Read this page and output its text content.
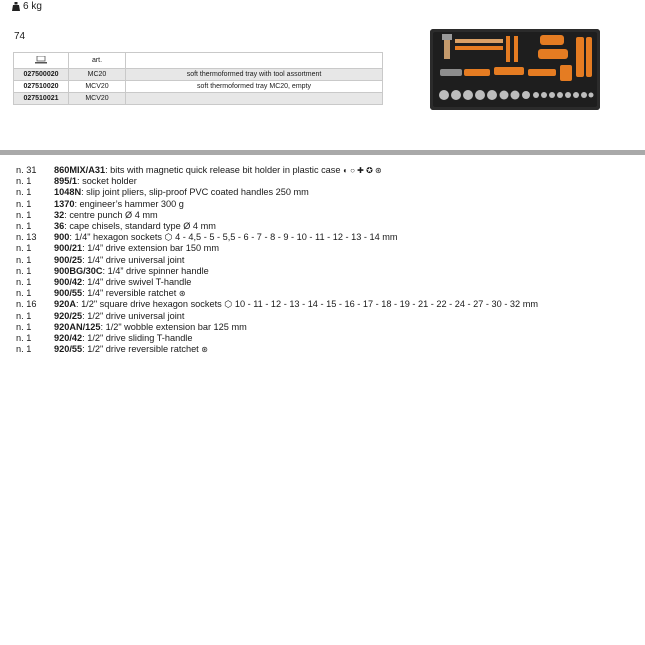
6 kg
74
	art.	
027500020	MC20	soft thermoformed tray with tool assortment
027510020	MCV20	soft thermoformed tray MC20, empty
027510021	MCV20	
n. 31	860MIX/A31: bits with magnetic quick release bit holder in plastic case ◐ ○ ✚ ✪ ⊛
n. 1	895/1: socket holder
n. 1	1048N: slip joint pliers, slip-proof PVC coated handles 250 mm
n. 1	1370: engineer’s hammer 300 g
n. 1	32: centre punch Ø 4 mm
n. 1	36: cape chisels, standard type Ø 4 mm
n. 13	900: 1/4" hexagon sockets ⬡ 4 - 4,5 - 5 - 5,5 - 6 - 7 - 8 - 9 - 10 - 11 - 12 - 13 - 14 mm
n. 1	900/21: 1/4” drive extension bar 150 mm
n. 1	900/25: 1/4" drive universal joint
n. 1	900BG/30C: 1/4” drive spinner handle
n. 1	900/42: 1/4" drive swivel T-handle
n. 1	900/55: 1/4" reversible ratchet ⊛
n. 16	920A: 1/2" square drive hexagon sockets ⬡ 10 - 11 - 12 - 13 - 14 - 15 - 16 - 17 - 18 - 19 - 21 - 22 - 24 - 27 - 30 - 32 mm
n. 1	920/25: 1/2" drive universal joint
n. 1	920AN/125: 1/2" wobble extension bar 125 mm
n. 1	920/42: 1/2" drive sliding T-handle
n. 1	920/55: 1/2" drive reversible ratchet ⊛
